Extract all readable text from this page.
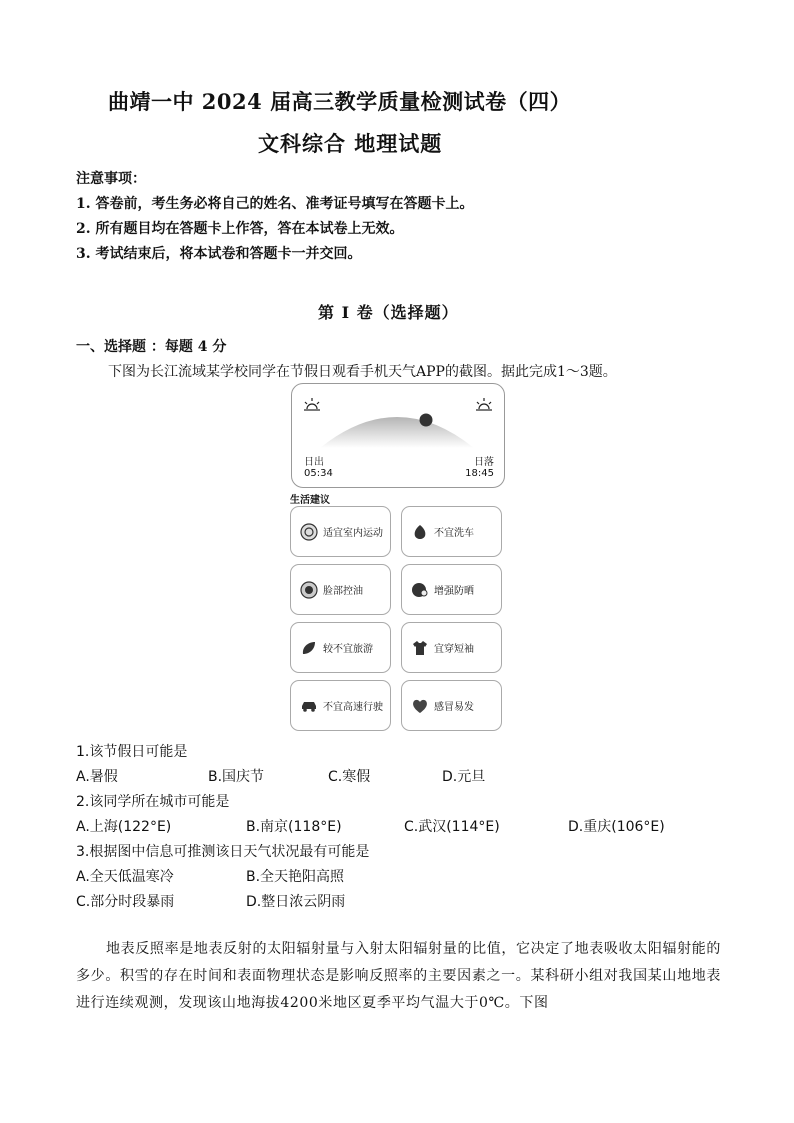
曲靖一中 2024 届高三教学质量检测试卷（四）
文科综合 地理试题
注意事项：
1. 答卷前，考生务必将自己的姓名、准考证号填写在答题卡上。
2. 所有题目均在答题卡上作答，答在本试卷上无效。
3. 考试结束后，将本试卷和答题卡一并交回。
第 I 卷（选择题）
一、选择题 ：每题 4 分
下图为长江流域某学校同学在节假日观看手机天气APP的截图。据此完成1～3题。
日出
05:34
日落
18:45
生活建议
适宜室内运动	不宜洗车
脸部控油	增强防晒
较不宜旅游	宜穿短袖
不宜高速行驶	感冒易发
1.该节假日可能是
A.暑假	B.国庆节	C.寒假	D.元旦
2.该同学所在城市可能是
A.上海(122°E)	B.南京(118°E)	C.武汉(114°E)	D.重庆(106°E)
3.根据图中信息可推测该日天气状况最有可能是
A.全天低温寒冷	B.全天艳阳高照
C.部分时段暴雨	D.整日浓云阴雨
地表反照率是地表反射的太阳辐射量与入射太阳辐射量的比值，它决定了地表吸收太阳辐射能的多少。积雪的存在时间和表面物理状态是影响反照率的主要因素之一。某科研小组对我国某山地地表进行连续观测，发现该山地海拔4200米地区夏季平均气温大于0℃。下图
